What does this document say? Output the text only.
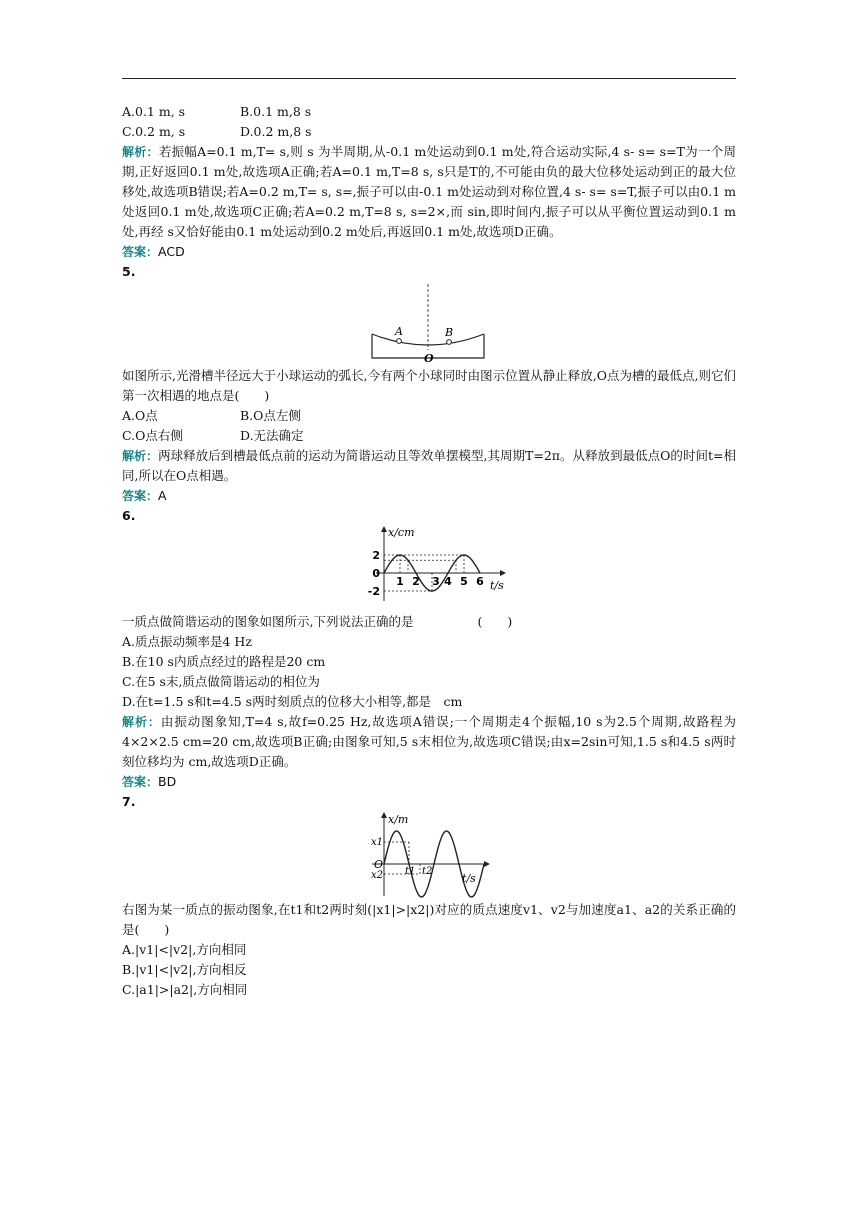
A.0.1 m, s	B.0.1 m,8 s
C.0.2 m, s	D.0.2 m,8 s
解析：若振幅A=0.1 m,T= s,则 s 为半周期,从-0.1 m处运动到0.1 m处,符合运动实际,4 s- s= s=T为一个周期,正好返回0.1 m处,故选项A正确;若A=0.1 m,T=8 s, s只是T的,不可能由负的最大位移处运动到正的最大位移处,故选项B错误;若A=0.2 m,T= s, s=,振子可以由-0.1 m处运动到对称位置,4 s- s= s=T,振子可以由0.1 m处返回0.1 m处,故选项C正确;若A=0.2 m,T=8 s, s=2×,而 sin,即时间内,振子可以从平衡位置运动到0.1 m处,再经 s又恰好能由0.1 m处运动到0.2 m处后,再返回0.1 m处,故选项D正确。
答案：ACD
5.
A	B
O
如图所示,光滑槽半径远大于小球运动的弧长,今有两个小球同时由图示位置从静止释放,O点为槽的最低点,则它们第一次相遇的地点是(　　)
A.O点	B.O点左侧
C.O点右侧	D.无法确定
解析：两球释放后到槽最低点前的运动为简谐运动且等效单摆模型,其周期T=2π。从释放到最低点O的时间t=相同,所以在O点相遇。
答案：A
6.
x/cm
t/s
2
0
-2
1 2 3 4 5 6
一质点做简谐运动的图象如图所示,下列说法正确的是	(　　)
A.质点振动频率是4 Hz
B.在10 s内质点经过的路程是20 cm
C.在5 s末,质点做简谐运动的相位为
D.在t=1.5 s和t=4.5 s两时刻质点的位移大小相等,都是　cm
解析：由振动图象知,T=4 s,故f=0.25 Hz,故选项A错误;一个周期走4个振幅,10 s为2.5个周期,故路程为4×2×2.5 cm=20 cm,故选项B正确;由图象可知,5 s末相位为,故选项C错误;由x=2sin可知,1.5 s和4.5 s两时刻位移均为 cm,故选项D正确。
答案：BD
7.
x/m
t/s
O
x1
x2 t1 t2
右图为某一质点的振动图象,在t1和t2两时刻(|x1|>|x2|)对应的质点速度v1、v2与加速度a1、a2的关系正确的是(　　)
A.|v1|<|v2|,方向相同
B.|v1|<|v2|,方向相反
C.|a1|>|a2|,方向相同
